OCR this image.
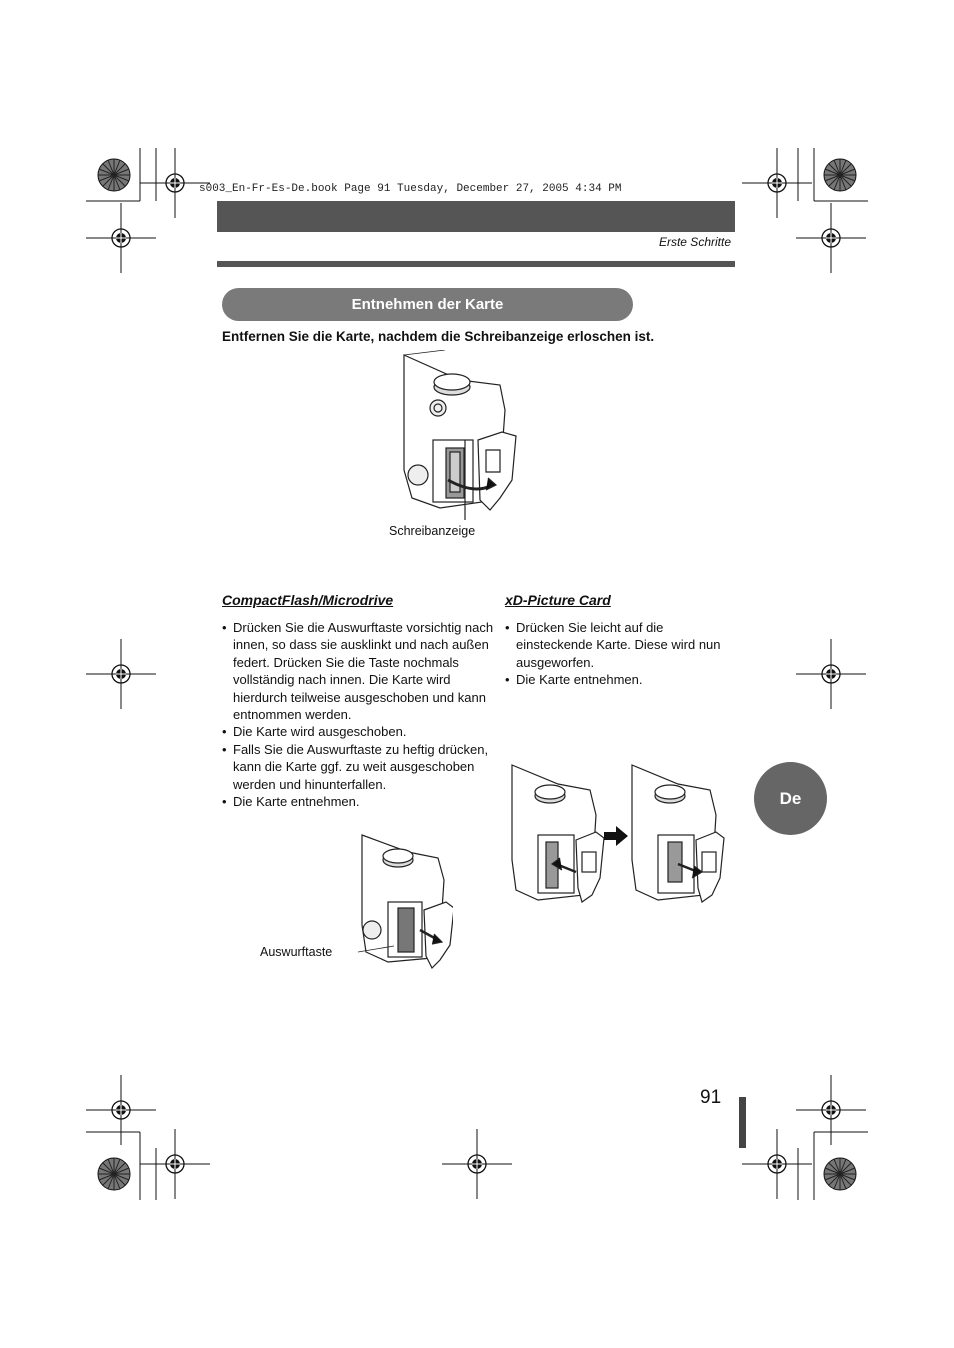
s003_En-Fr-Es-De.book Page 91 Tuesday, December 27, 2005 4:34 PM
Erste Schritte
Entnehmen der Karte
Entfernen Sie die Karte, nachdem die Schreibanzeige erloschen ist.
Schreibanzeige
CompactFlash/Microdrive
• Drücken Sie die Auswurftaste vorsichtig nach innen, so dass sie ausklinkt und nach außen federt. Drücken Sie die Taste nochmals vollständig nach innen. Die Karte wird hierdurch teilweise ausgeschoben und kann entnommen werden.
• Die Karte wird ausgeschoben.
• Falls Sie die Auswurftaste zu heftig drücken, kann die Karte ggf. zu weit ausgeschoben werden und hinunterfallen.
• Die Karte entnehmen.
Auswurftaste
xD-Picture Card
• Drücken Sie leicht auf die einsteckende Karte. Diese wird nun ausgeworfen.
• Die Karte entnehmen.
De
91
